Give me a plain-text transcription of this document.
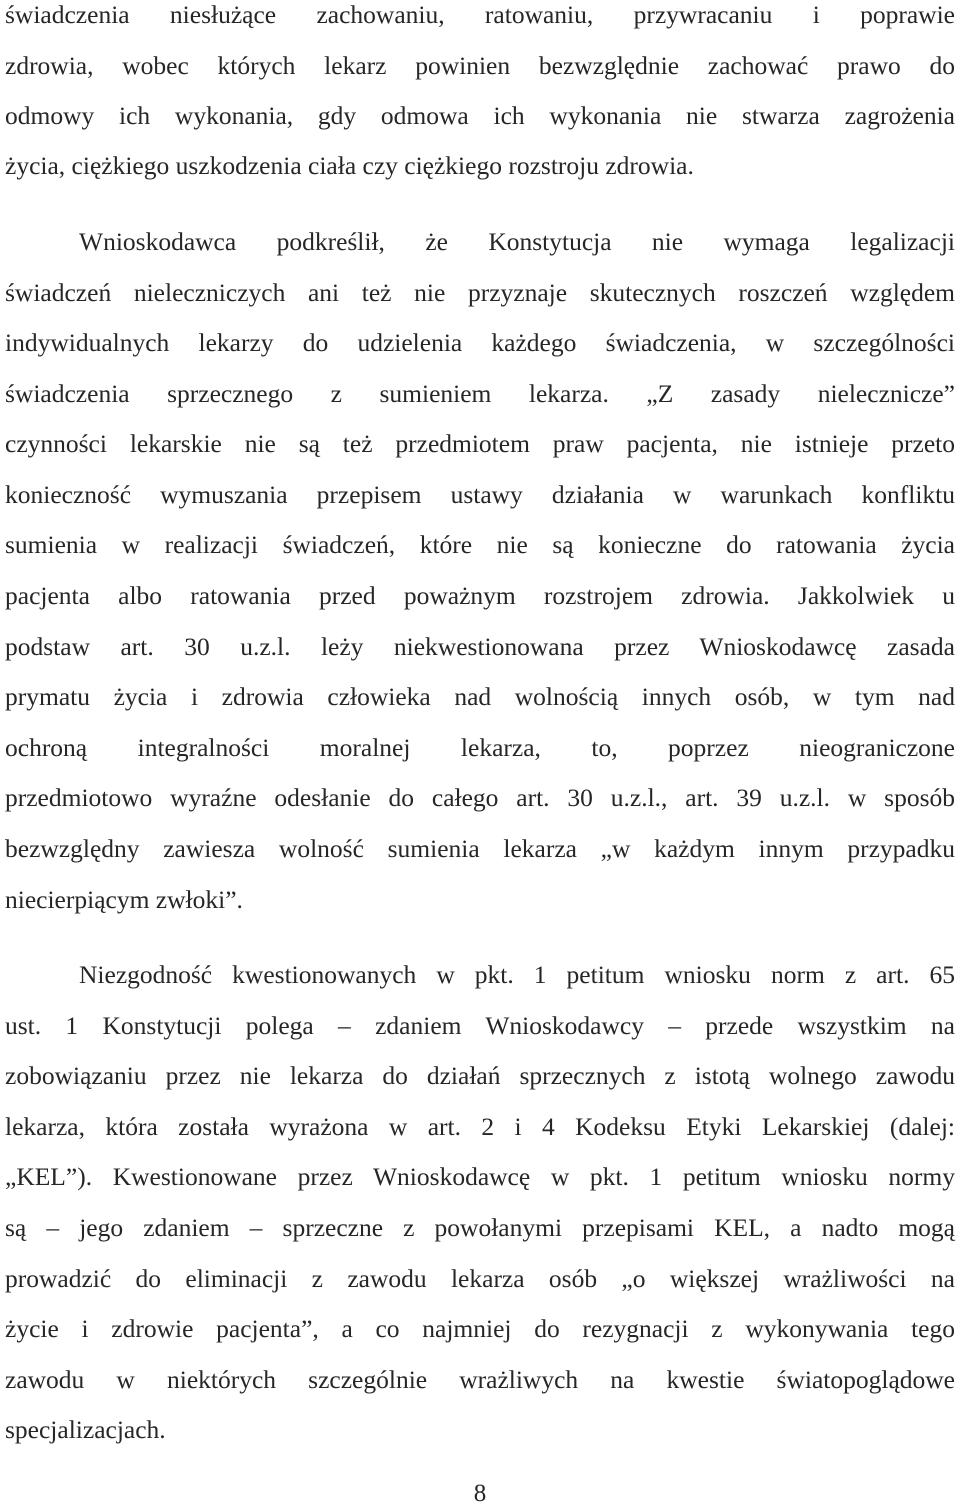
świadczenia niesłużące zachowaniu, ratowaniu, przywracaniu i poprawie
zdrowia, wobec których lekarz powinien bezwzględnie zachować prawo do
odmowy ich wykonania, gdy odmowa ich wykonania nie stwarza zagrożenia
życia, ciężkiego uszkodzenia ciała czy ciężkiego rozstroju zdrowia.
Wnioskodawca podkreślił, że Konstytucja nie wymaga legalizacji
świadczeń nieleczniczych ani też nie przyznaje skutecznych roszczeń względem
indywidualnych lekarzy do udzielenia każdego świadczenia, w szczególności
świadczenia sprzecznego z sumieniem lekarza. „Z zasady nielecznicze”
czynności lekarskie nie są też przedmiotem praw pacjenta, nie istnieje przeto
konieczność wymuszania przepisem ustawy działania w warunkach konfliktu
sumienia w realizacji świadczeń, które nie są konieczne do ratowania życia
pacjenta albo ratowania przed poważnym rozstrojem zdrowia. Jakkolwiek u
podstaw art. 30 u.z.l. leży niekwestionowana przez Wnioskodawcę zasada
prymatu życia i zdrowia człowieka nad wolnością innych osób, w tym nad
ochroną integralności moralnej lekarza, to, poprzez nieograniczone
przedmiotowo wyraźne odesłanie do całego art. 30 u.z.l., art. 39 u.z.l. w sposób
bezwzględny zawiesza wolność sumienia lekarza „w każdym innym przypadku
niecierpiącym zwłoki”.
Niezgodność kwestionowanych w pkt. 1 petitum wniosku norm z art. 65
ust. 1 Konstytucji polega – zdaniem Wnioskodawcy – przede wszystkim na
zobowiązaniu przez nie lekarza do działań sprzecznych z istotą wolnego zawodu
lekarza, która została wyrażona w art. 2 i 4 Kodeksu Etyki Lekarskiej (dalej:
„KEL”). Kwestionowane przez Wnioskodawcę w pkt. 1 petitum wniosku normy
są – jego zdaniem – sprzeczne z powołanymi przepisami KEL, a nadto mogą
prowadzić do eliminacji z zawodu lekarza osób „o większej wrażliwości na
życie i zdrowie pacjenta”, a co najmniej do rezygnacji z wykonywania tego
zawodu w niektórych szczególnie wrażliwych na kwestie światopoglądowe
specjalizacjach.
8
